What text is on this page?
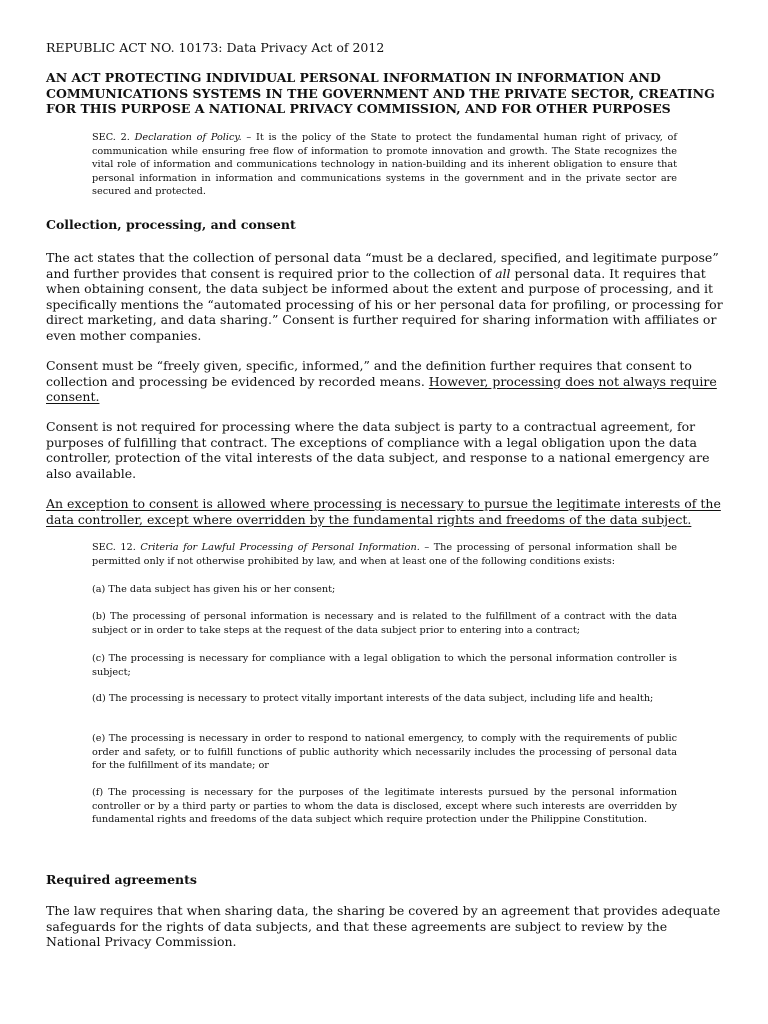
REPUBLIC ACT NO. 10173: Data Privacy Act of 2012

AN ACT PROTECTING INDIVIDUAL PERSONAL INFORMATION IN INFORMATION AND COMMUNICATIONS SYSTEMS IN THE GOVERNMENT AND THE PRIVATE SECTOR, CREATING FOR THIS PURPOSE A NATIONAL PRIVACY COMMISSION, AND FOR OTHER PURPOSES

SEC. 2. Declaration of Policy. – It is the policy of the State to protect the fundamental human right of privacy, of communication while ensuring free flow of information to promote innovation and growth. The State recognizes the vital role of information and communications technology in nation-building and its inherent obligation to ensure that personal information in information and communications systems in the government and in the private sector are secured and protected.

Collection, processing, and consent

The act states that the collection of personal data “must be a declared, specified, and legitimate purpose” and further provides that consent is required prior to the collection of all personal data. It requires that when obtaining consent, the data subject be informed about the extent and purpose of processing, and it specifically mentions the “automated processing of his or her personal data for profiling, or processing for direct marketing, and data sharing.” Consent is further required for sharing information with affiliates or even mother companies.

Consent must be “freely given, specific, informed,” and the definition further requires that consent to collection and processing be evidenced by recorded means. However, processing does not always require consent.

Consent is not required for processing where the data subject is party to a contractual agreement, for purposes of fulfilling that contract. The exceptions of compliance with a legal obligation upon the data controller, protection of the vital interests of the data subject, and response to a national emergency are also available.

An exception to consent is allowed where processing is necessary to pursue the legitimate interests of the data controller, except where overridden by the fundamental rights and freedoms of the data subject.

SEC. 12. Criteria for Lawful Processing of Personal Information. – The processing of personal information shall be permitted only if not otherwise prohibited by law, and when at least one of the following conditions exists:

(a) The data subject has given his or her consent;

(b) The processing of personal information is necessary and is related to the fulfillment of a contract with the data subject or in order to take steps at the request of the data subject prior to entering into a contract;

(c) The processing is necessary for compliance with a legal obligation to which the personal information controller is subject;

(d) The processing is necessary to protect vitally important interests of the data subject, including life and health;

(e) The processing is necessary in order to respond to national emergency, to comply with the requirements of public order and safety, or to fulfill functions of public authority which necessarily includes the processing of personal data for the fulfillment of its mandate; or

(f) The processing is necessary for the purposes of the legitimate interests pursued by the personal information controller or by a third party or parties to whom the data is disclosed, except where such interests are overridden by fundamental rights and freedoms of the data subject which require protection under the Philippine Constitution.

Required agreements

The law requires that when sharing data, the sharing be covered by an agreement that provides adequate safeguards for the rights of data subjects, and that these agreements are subject to review by the National Privacy Commission.
